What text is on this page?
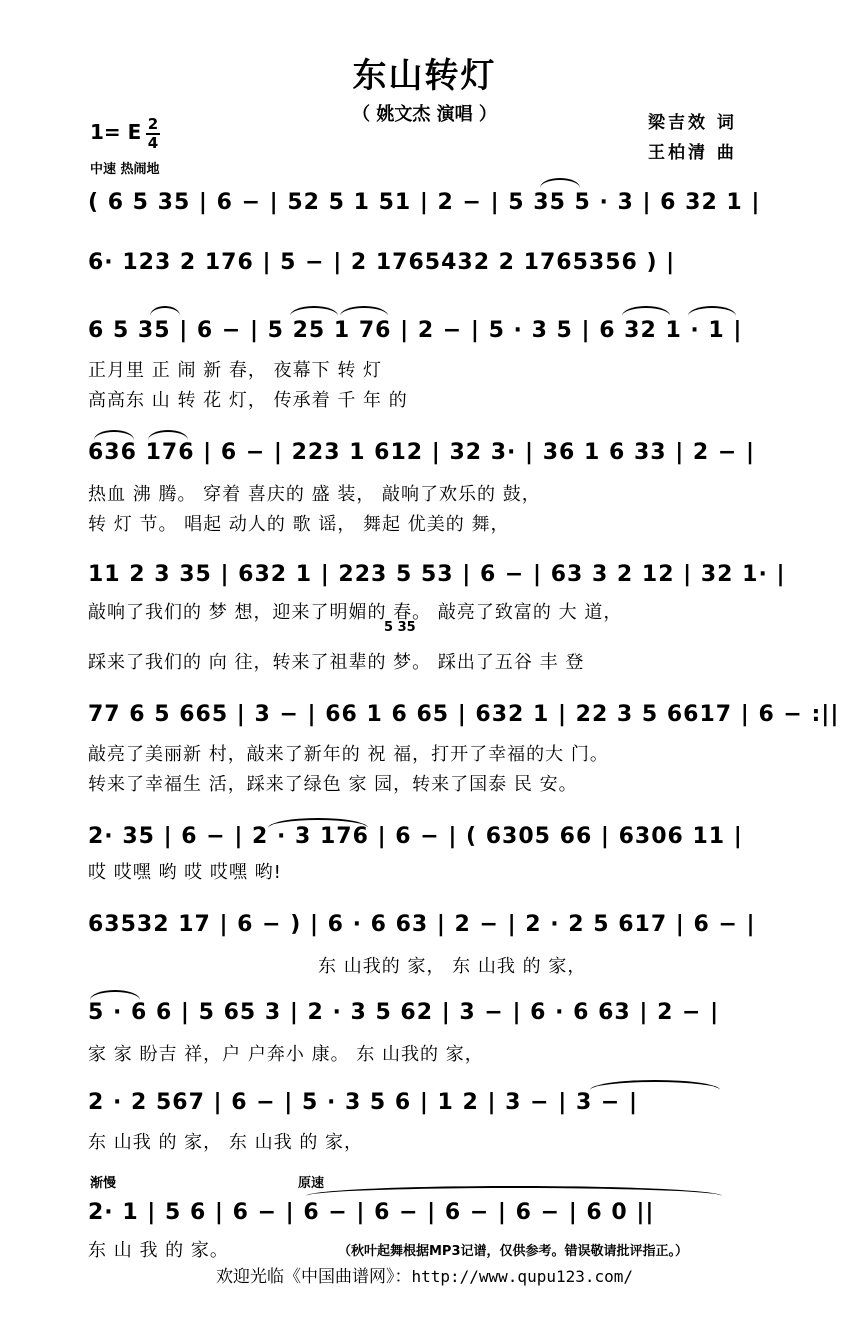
东山转灯
（ 姚文杰 演唱 ）	梁吉效 词
王柏清 曲
1= E 2
4
中速 热闹地
( 6 5 35 | 6 − | 52 5 1 51 | 2 − | 5 35 5 · 3 | 6 32 1 |
6· 123 2 176 | 5 − | 2 1765432 2 1765356 ) |
6 5 35 | 6 − | 5 25 1 76 | 2 − | 5 · 3 5 | 6 32 1 · 1 |
正月里 正 闹 新 春， 夜幕下 转 灯
高高东 山 转 花 灯， 传承着 千 年 的
636 176 | 6 − | 223 1 612 | 32 3· | 36 1 6 33 | 2 − |
热血 沸 腾。 穿着 喜庆的 盛 装， 敲响了欢乐的 鼓，
转 灯 节。 唱起 动人的 歌 谣， 舞起 优美的 舞，
11 2 3 35 | 632 1 | 223 5 53 | 6 − | 63 3 2 12 | 32 1· |
敲响了我们的 梦 想，迎来了明媚的 春。 敲亮了致富的 大 道，
5 35
踩来了我们的 向 往，转来了祖辈的 梦。 踩出了五谷 丰 登
77 6 5 665 | 3 − | 66 1 6 65 | 632 1 | 22 3 5 6617 | 6 − :||
敲亮了美丽新 村，敲来了新年的 祝 福，打开了幸福的大 门。
转来了幸福生 活，踩来了绿色 家 园，转来了国泰 民 安。
2· 35 | 6 − | 2 · 3 176 | 6 − | ( 6305 66 | 6306 11 |
哎 哎嘿 哟 哎 哎嘿 哟!
63532 17 | 6 − ) | 6 · 6 63 | 2 − | 2 · 2 5 617 | 6 − |
东 山我的 家， 东 山我 的 家，
5 · 6 6 | 5 65 3 | 2 · 3 5 62 | 3 − | 6 · 6 63 | 2 − |
家 家 盼吉 祥，户 户奔小 康。 东 山我的 家，
2 · 2 567 | 6 − | 5 · 3 5 6 | 1 2 | 3 − | 3 − |
东 山我 的 家， 东 山我 的 家，
渐慢	原速
2· 1 | 5 6 | 6 − | 6 − | 6 − | 6 − | 6 − | 6 0 ||
东 山 我 的 家。	（秋叶起舞根据MP3记谱，仅供参考。错误敬请批评指正。）
欢迎光临《中国曲谱网》：http://www.qupu123.com/
